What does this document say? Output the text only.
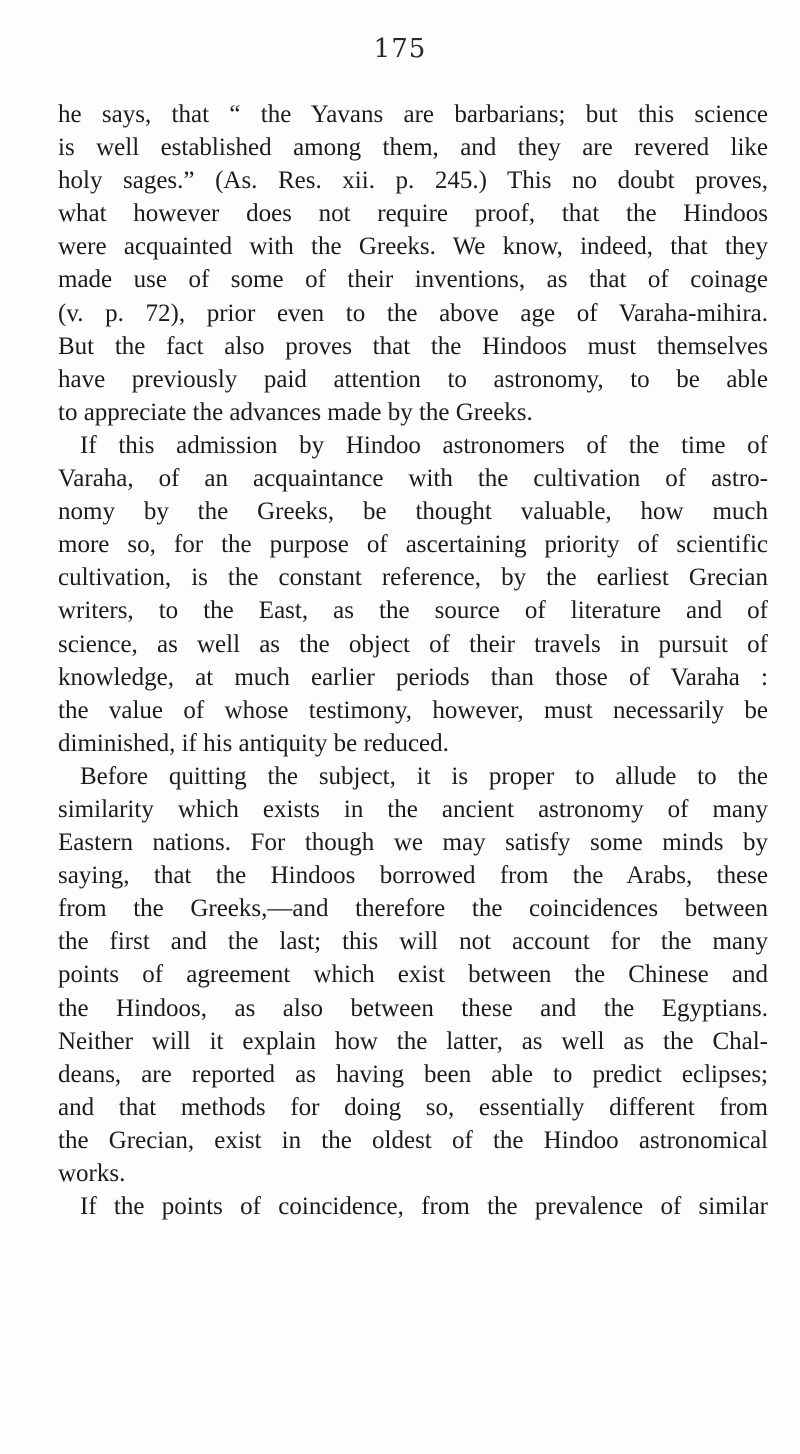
175
he says, that “ the Yavans are barbarians; but this science
is well established among them, and they are revered like
holy sages.” (As. Res. xii. p. 245.) This no doubt proves,
what however does not require proof, that the Hindoos
were acquainted with the Greeks. We know, indeed, that they
made use of some of their inventions, as that of coinage
(v. p. 72), prior even to the above age of Varaha-mihira.
But the fact also proves that the Hindoos must themselves
have previously paid attention to astronomy, to be able
to appreciate the advances made by the Greeks.
If this admission by Hindoo astronomers of the time of
Varaha, of an acquaintance with the cultivation of astro-
nomy by the Greeks, be thought valuable, how much
more so, for the purpose of ascertaining priority of scientific
cultivation, is the constant reference, by the earliest Grecian
writers, to the East, as the source of literature and of
science, as well as the object of their travels in pursuit of
knowledge, at much earlier periods than those of Varaha :
the value of whose testimony, however, must necessarily be
diminished, if his antiquity be reduced.
Before quitting the subject, it is proper to allude to the
similarity which exists in the ancient astronomy of many
Eastern nations. For though we may satisfy some minds by
saying, that the Hindoos borrowed from the Arabs, these
from the Greeks,—and therefore the coincidences between
the first and the last; this will not account for the many
points of agreement which exist between the Chinese and
the Hindoos, as also between these and the Egyptians.
Neither will it explain how the latter, as well as the Chal-
deans, are reported as having been able to predict eclipses;
and that methods for doing so, essentially different from
the Grecian, exist in the oldest of the Hindoo astronomical
works.
If the points of coincidence, from the prevalence of similar
